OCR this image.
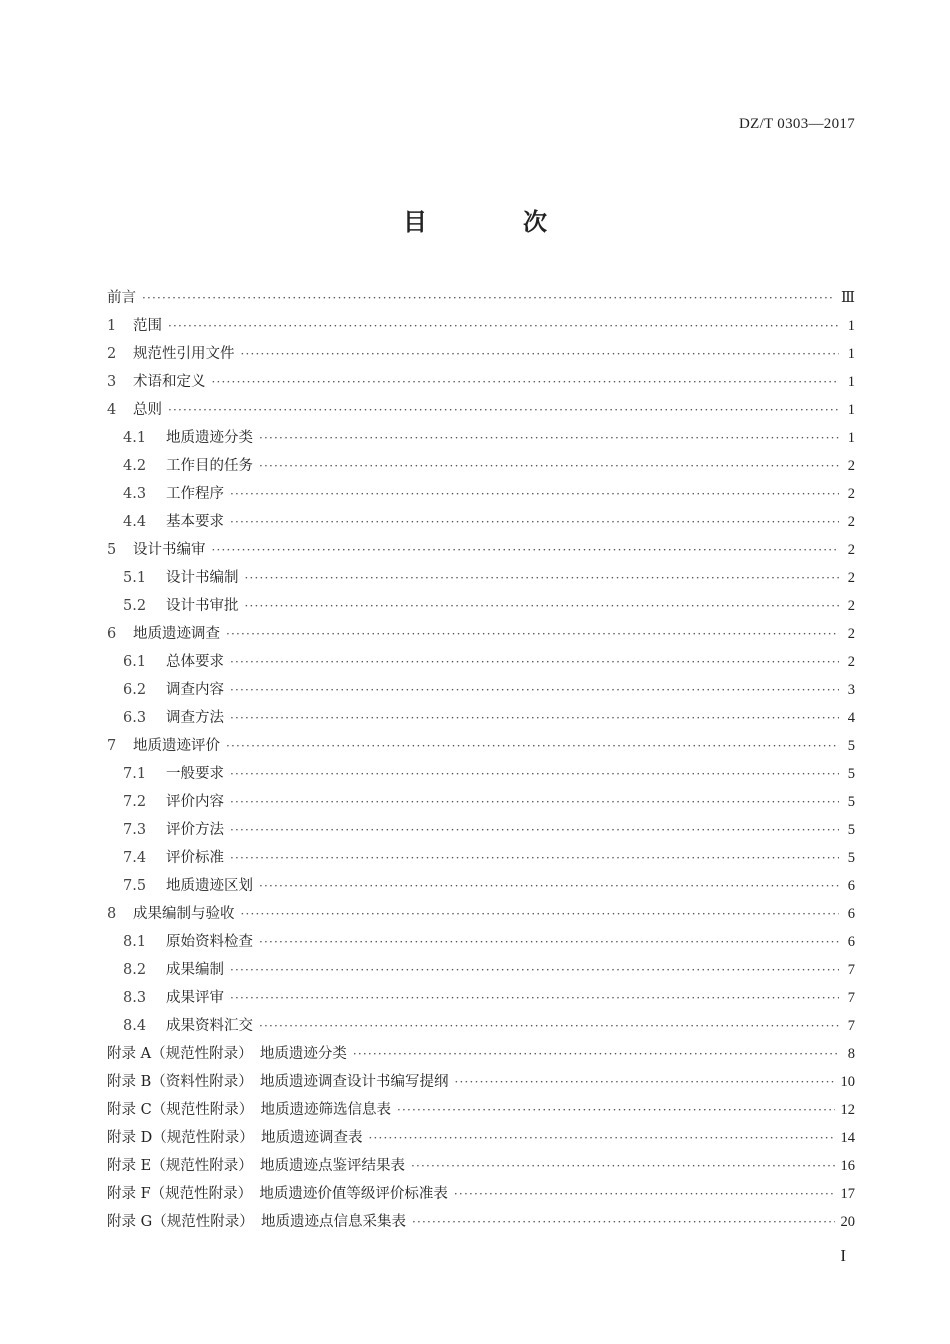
DZ/T 0303—2017
目　次
前言 ·····	Ⅲ
1	范围 ·····	1
2	规范性引用文件 ·····	1
3	术语和定义 ·····	1
4	总则 ·····	1
4.1	地质遗迹分类 ·····	1
4.2	工作目的任务 ·····	2
4.3	工作程序 ·····	2
4.4	基本要求 ·····	2
5	设计书编审 ·····	2
5.1	设计书编制 ·····	2
5.2	设计书审批 ·····	2
6	地质遗迹调查 ·····	2
6.1	总体要求 ·····	2
6.2	调查内容 ·····	3
6.3	调查方法 ·····	4
7	地质遗迹评价 ·····	5
7.1	一般要求 ·····	5
7.2	评价内容 ·····	5
7.3	评价方法 ·····	5
7.4	评价标准 ·····	5
7.5	地质遗迹区划 ·····	6
8	成果编制与验收 ·····	6
8.1	原始资料检查 ·····	6
8.2	成果编制 ·····	7
8.3	成果评审 ·····	7
8.4	成果资料汇交 ·····	7
附录 A（规范性附录）　地质遗迹分类 ·····	8
附录 B（资料性附录）　地质遗迹调查设计书编写提纲 ·····	10
附录 C（规范性附录）　地质遗迹筛选信息表 ·····	12
附录 D（规范性附录）　地质遗迹调查表 ·····	14
附录 E（规范性附录）　地质遗迹点鉴评结果表 ·····	16
附录 F（规范性附录）　地质遗迹价值等级评价标准表 ·····	17
附录 G（规范性附录）　地质遗迹点信息采集表 ·····	20
I
